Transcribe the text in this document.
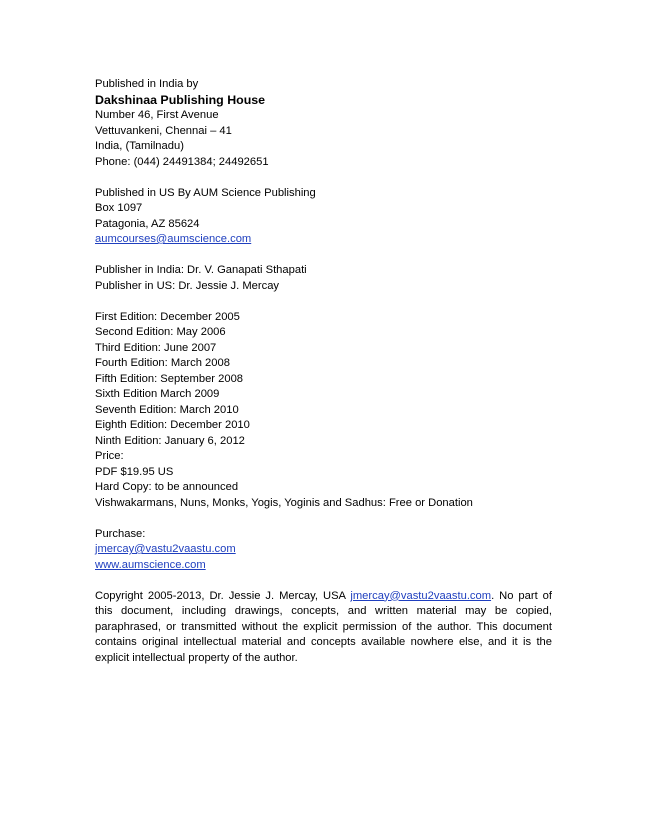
Published in India by
Dakshinaa Publishing House
Number 46, First Avenue
Vettuvankeni, Chennai – 41
India, (Tamilnadu)
Phone: (044) 24491384; 24492651
Published in US By AUM Science Publishing
Box 1097
Patagonia, AZ 85624
aumcourses@aumscience.com
Publisher in India: Dr. V. Ganapati Sthapati
Publisher in US: Dr. Jessie J. Mercay
First Edition: December 2005
Second Edition: May 2006
Third Edition: June 2007
Fourth Edition: March 2008
Fifth Edition: September 2008
Sixth Edition March 2009
Seventh Edition: March 2010
Eighth Edition: December 2010
Ninth Edition: January 6, 2012
Price:
PDF $19.95 US
Hard Copy: to be announced
Vishwakarmans, Nuns, Monks, Yogis, Yoginis and Sadhus: Free or Donation
Purchase:
jmercay@vastu2vaastu.com
www.aumscience.com
Copyright 2005-2013, Dr. Jessie J. Mercay, USA jmercay@vastu2vaastu.com. No part of this document, including drawings, concepts, and written material may be copied, paraphrased, or transmitted without the explicit permission of the author. This document contains original intellectual material and concepts available nowhere else, and it is the explicit intellectual property of the author.
